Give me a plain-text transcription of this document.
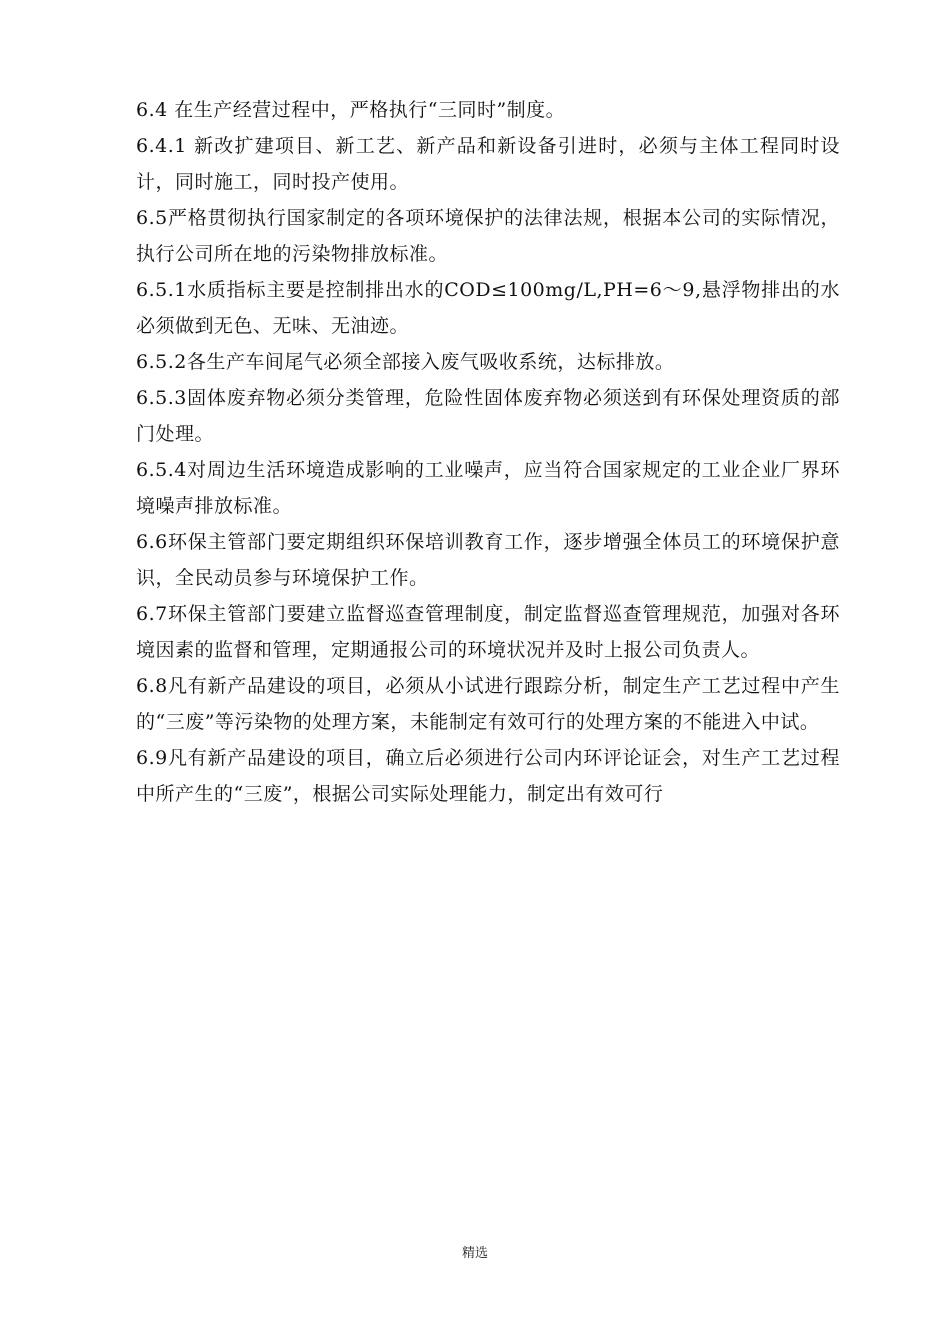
6.4 在生产经营过程中，严格执行“三同时”制度。

6.4.1 新改扩建项目、新工艺、新产品和新设备引进时，必须与主体工程同时设计，同时施工，同时投产使用。

6.5严格贯彻执行国家制定的各项环境保护的法律法规，根据本公司的实际情况，执行公司所在地的污染物排放标准。

6.5.1水质指标主要是控制排出水的COD≤100mg/L,PH=6～9,悬浮物排出的水必须做到无色、无味、无油迹。

6.5.2各生产车间尾气必须全部接入废气吸收系统，达标排放。

6.5.3固体废弃物必须分类管理，危险性固体废弃物必须送到有环保处理资质的部门处理。

6.5.4对周边生活环境造成影响的工业噪声，应当符合国家规定的工业企业厂界环境噪声排放标准。

6.6环保主管部门要定期组织环保培训教育工作，逐步增强全体员工的环境保护意识，全民动员参与环境保护工作。

6.7环保主管部门要建立监督巡查管理制度，制定监督巡查管理规范，加强对各环境因素的监督和管理，定期通报公司的环境状况并及时上报公司负责人。

6.8凡有新产品建设的项目，必须从小试进行跟踪分析，制定生产工艺过程中产生的“三废”等污染物的处理方案，未能制定有效可行的处理方案的不能进入中试。

6.9凡有新产品建设的项目，确立后必须进行公司内环评论证会，对生产工艺过程中所产生的“三废”，根据公司实际处理能力，制定出有效可行

精选
